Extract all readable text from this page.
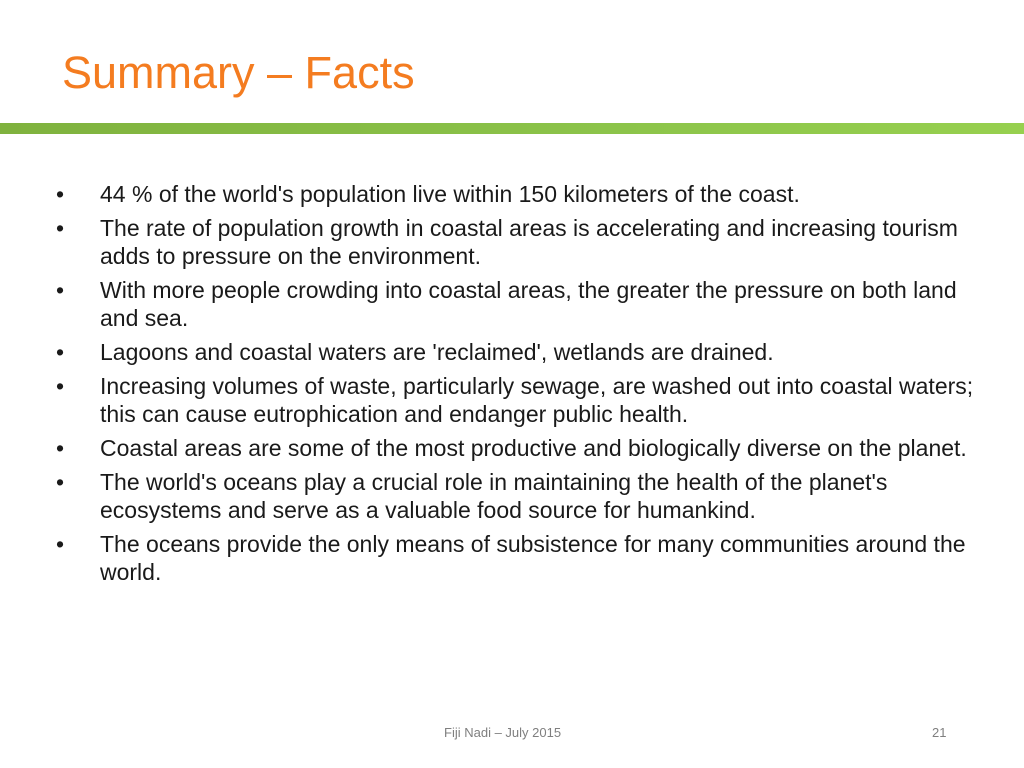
Summary – Facts
•	44 % of the world's population live within 150 kilometers of the coast.
•	The rate of population growth in coastal areas is accelerating and increasing tourism adds to pressure on the environment.
•	With more people crowding into coastal areas, the greater the pressure on both land and sea.
•	Lagoons and coastal waters are 'reclaimed', wetlands are drained.
•	Increasing volumes of waste, particularly sewage, are washed out into coastal waters; this can cause eutrophication and endanger public health.
•	Coastal areas are some of the most productive and biologically diverse on the planet.
•	The world's oceans play a crucial role in maintaining the health of the planet's ecosystems and serve as a valuable food source for humankind.
•	The oceans provide the only means of subsistence for many communities around the world.
Fiji Nadi – July 2015	21
